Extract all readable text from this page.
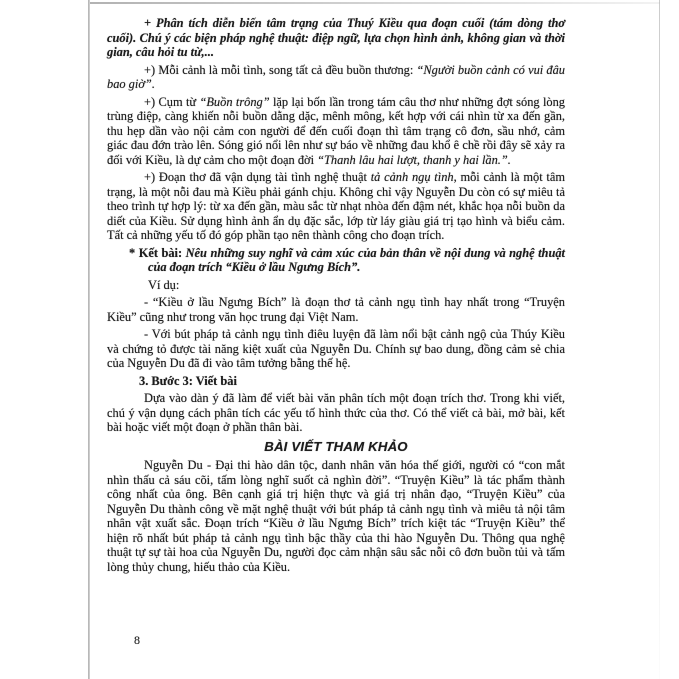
+ Phân tích diễn biến tâm trạng của Thuý Kiều qua đoạn cuối (tám dòng thơ cuối). Chú ý các biện pháp nghệ thuật: điệp ngữ, lựa chọn hình ảnh, không gian và thời gian, câu hỏi tu từ,...
+) Mỗi cảnh là mỗi tình, song tất cả đều buồn thương: “Người buồn cảnh có vui đâu bao giờ”.
+) Cụm từ “Buồn trông” lặp lại bốn lần trong tám câu thơ như những đợt sóng lòng trùng điệp, càng khiến nỗi buồn dằng dặc, mênh mông, kết hợp với cái nhìn từ xa đến gần, thu hẹp dần vào nội cảm con người để đến cuối đoạn thì tâm trạng cô đơn, sầu nhớ, cảm giác đau đớn trào lên. Sóng gió nổi lên như sự báo về những đau khổ ê chề rồi đây sẽ xảy ra đối với Kiều, là dự cảm cho một đoạn đời “Thanh lâu hai lượt, thanh y hai lần.”.
+) Đoạn thơ đã vận dụng tài tình nghệ thuật tả cảnh ngụ tình, mỗi cảnh là một tâm trạng, là một nỗi đau mà Kiều phải gánh chịu. Không chỉ vậy Nguyễn Du còn có sự miêu tả theo trình tự hợp lý: từ xa đến gần, màu sắc từ nhạt nhòa đến đậm nét, khắc họa nỗi buồn da diết của Kiều. Sử dụng hình ảnh ẩn dụ đặc sắc, lớp từ láy giàu giá trị tạo hình và biểu cảm. Tất cả những yếu tố đó góp phần tạo nên thành công cho đoạn trích.
* Kết bài: Nêu những suy nghĩ và cảm xúc của bản thân về nội dung và nghệ thuật của đoạn trích “Kiều ở lầu Ngưng Bích”.
Ví dụ:
- “Kiều ở lầu Ngưng Bích” là đoạn thơ tả cảnh ngụ tình hay nhất trong “Truyện Kiều” cũng như trong văn học trung đại Việt Nam.
- Với bút pháp tả cảnh ngụ tình điêu luyện đã làm nổi bật cảnh ngộ của Thúy Kiều và chứng tỏ được tài năng kiệt xuất của Nguyễn Du. Chính sự bao dung, đồng cảm sẻ chia của Nguyễn Du đã đi vào tâm tưởng bằng thế hệ.
3. Bước 3: Viết bài
Dựa vào dàn ý đã làm để viết bài văn phân tích một đoạn trích thơ. Trong khi viết, chú ý vận dụng cách phân tích các yếu tố hình thức của thơ. Có thể viết cả bài, mở bài, kết bài hoặc viết một đoạn ở phần thân bài.
BÀI VIẾT THAM KHẢO
Nguyễn Du - Đại thi hào dân tộc, danh nhân văn hóa thế giới, người có “con mắt nhìn thấu cả sáu cõi, tấm lòng nghĩ suốt cả nghìn đời”. “Truyện Kiều” là tác phẩm thành công nhất của ông. Bên cạnh giá trị hiện thực và giá trị nhân đạo, “Truyện Kiều” của Nguyễn Du thành công về mặt nghệ thuật với bút pháp tả cảnh ngụ tình và miêu tả nội tâm nhân vật xuất sắc. Đoạn trích “Kiều ở lầu Ngưng Bích” trích kiệt tác “Truyện Kiều” thể hiện rõ nhất bút pháp tả cảnh ngụ tình bậc thầy của thi hào Nguyễn Du. Thông qua nghệ thuật tự sự tài hoa của Nguyễn Du, người đọc cảm nhận sâu sắc nỗi cô đơn buồn tủi và tấm lòng thủy chung, hiếu thảo của Kiều.
8
